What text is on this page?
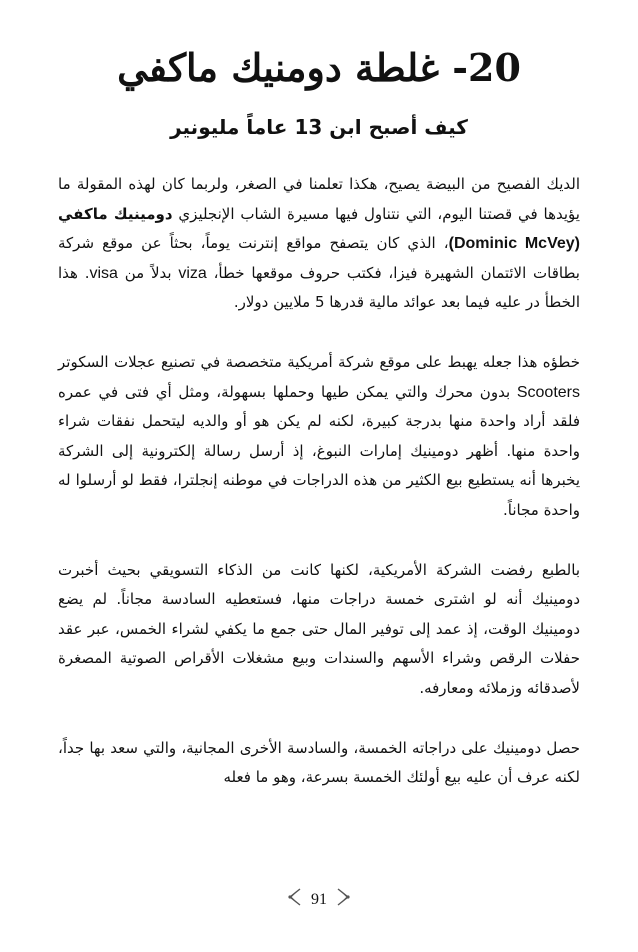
20- غلطة دومنيك ماكفي
كيف أصبح ابن 13 عاماً مليونير

الديك الفصيح من البيضة يصيح، هكذا تعلمنا في الصغر، ولربما كان لهذه المقولة ما يؤيدها في قصتنا اليوم، التي نتناول فيها مسيرة الشاب الإنجليزي دومينيك ماكفي (Dominic McVey)، الذي كان يتصفح مواقع إنترنت يوماً، بحثاً عن موقع شركة بطاقات الائتمان الشهيرة فيزا، فكتب حروف موقعها خطأ، viza بدلاً من visa. هذا الخطأ در عليه فيما بعد عوائد مالية قدرها 5 ملايين دولار.

خطؤه هذا جعله يهبط على موقع شركة أمريكية متخصصة في تصنيع عجلات السكوتر Scooters بدون محرك والتي يمكن طيها وحملها بسهولة، ومثل أي فتى في عمره فلقد أراد واحدة منها بدرجة كبيرة، لكنه لم يكن هو أو والديه ليتحمل نفقات شراء واحدة منها. أظهر دومينيك إمارات النبوغ، إذ أرسل رسالة إلكترونية إلى الشركة يخبرها أنه يستطيع بيع الكثير من هذه الدراجات في موطنه إنجلترا، فقط لو أرسلوا له واحدة مجاناً.

بالطبع رفضت الشركة الأمريكية، لكنها كانت من الذكاء التسويقي بحيث أخبرت دومينيك أنه لو اشترى خمسة دراجات منها، فستعطيه السادسة مجاناً. لم يضع دومينيك الوقت، إذ عمد إلى توفير المال حتى جمع ما يكفي لشراء الخمس، عبر عقد حفلات الرقص وشراء الأسهم والسندات وبيع مشغلات الأقراص الصوتية المصغرة لأصدقائه وزملائه ومعارفه.

حصل دومينيك على دراجاته الخمسة، والسادسة الأخرى المجانية، والتي سعد بها جداً، لكنه عرف أن عليه بيع أولئك الخمسة بسرعة، وهو ما فعله

91
